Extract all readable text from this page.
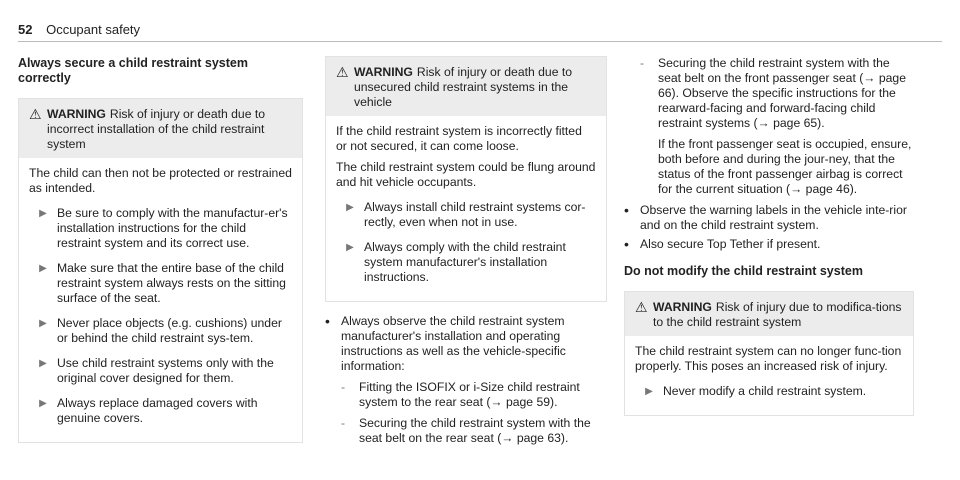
52 Occupant safety
Always secure a child restraint system correctly
⚠ WARNING Risk of injury or death due to incorrect installation of the child restraint system
The child can then not be protected or restrained as intended.
▶ Be sure to comply with the manufactur-er's installation instructions for the child restraint system and its correct use.
▶ Make sure that the entire base of the child restraint system always rests on the sitting surface of the seat.
▶ Never place objects (e.g. cushions) under or behind the child restraint sys-tem.
▶ Use child restraint systems only with the original cover designed for them.
▶ Always replace damaged covers with genuine covers.
⚠ WARNING Risk of injury or death due to unsecured child restraint systems in the vehicle
If the child restraint system is incorrectly fitted or not secured, it can come loose.
The child restraint system could be flung around and hit vehicle occupants.
▶ Always install child restraint systems cor-rectly, even when not in use.
▶ Always comply with the child restraint system manufacturer's installation instructions.
• Always observe the child restraint system manufacturer's installation and operating instructions as well as the vehicle-specific information:
-	Fitting the ISOFIX or i-Size child restraint system to the rear seat (→ page 59).
-	Securing the child restraint system with the seat belt on the rear seat (→ page 63).
-	Securing the child restraint system with the seat belt on the front passenger seat (→ page 66). Observe the specific instructions for the rearward-facing and forward-facing child restraint systems (→ page 65).
If the front passenger seat is occupied, ensure, both before and during the jour-ney, that the status of the front passenger airbag is correct for the current situation (→ page 46).
• Observe the warning labels in the vehicle inte-rior and on the child restraint system.
• Also secure Top Tether if present.
Do not modify the child restraint system
⚠ WARNING Risk of injury due to modifica-tions to the child restraint system
The child restraint system can no longer func-tion properly. This poses an increased risk of injury.
▶ Never modify a child restraint system.
